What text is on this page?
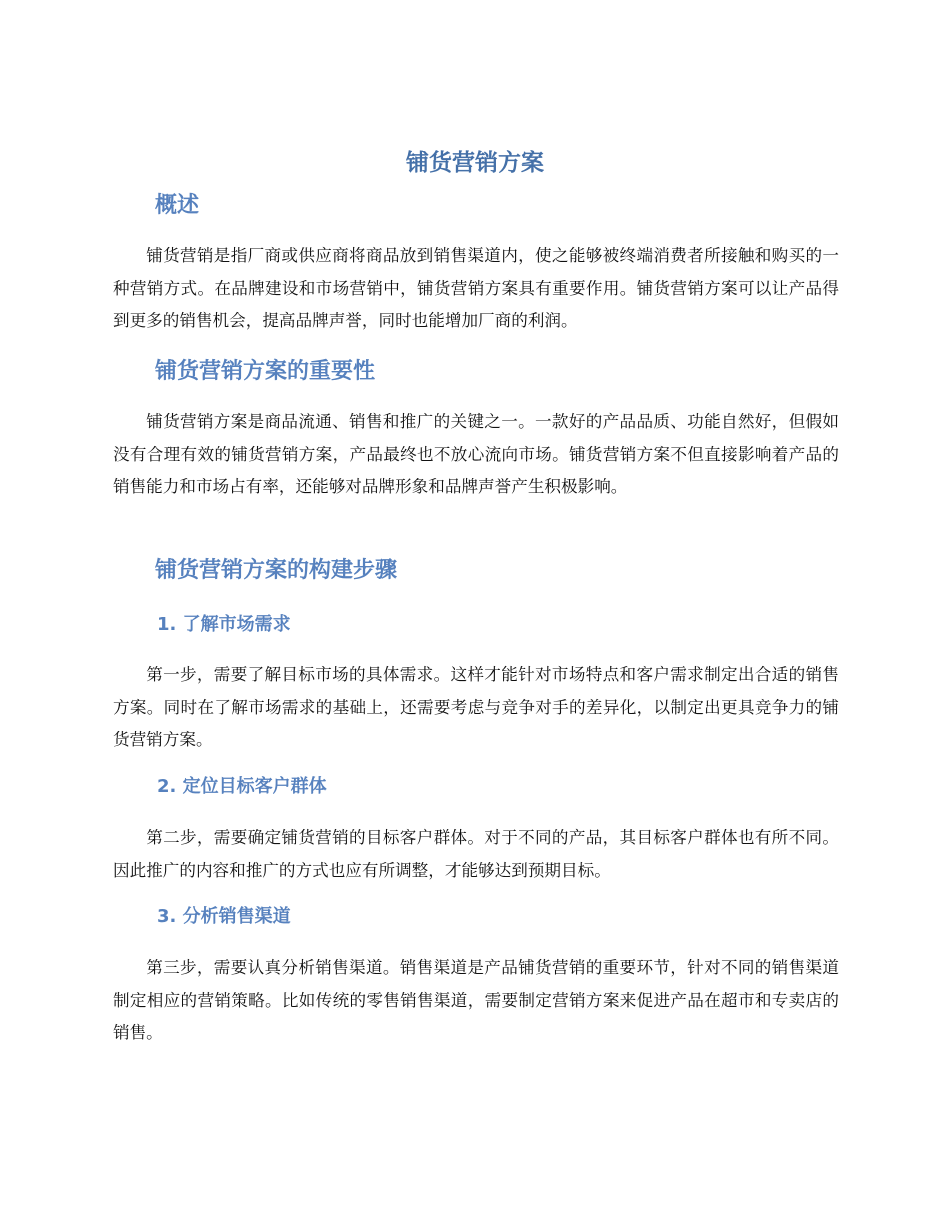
铺货营销方案
概述

铺货营销是指厂商或供应商将商品放到销售渠道内，使之能够被终端消费者所接触和购买的一种营销方式。在品牌建设和市场营销中，铺货营销方案具有重要作用。铺货营销方案可以让产品得到更多的销售机会，提高品牌声誉，同时也能增加厂商的利润。

铺货营销方案的重要性

铺货营销方案是商品流通、销售和推广的关键之一。一款好的产品品质、功能自然好，但假如没有合理有效的铺货营销方案，产品最终也不放心流向市场。铺货营销方案不但直接影响着产品的销售能力和市场占有率，还能够对品牌形象和品牌声誉产生积极影响。

铺货营销方案的构建步骤
1. 了解市场需求

第一步，需要了解目标市场的具体需求。这样才能针对市场特点和客户需求制定出合适的销售方案。同时在了解市场需求的基础上，还需要考虑与竞争对手的差异化，以制定出更具竞争力的铺货营销方案。

2. 定位目标客户群体

第二步，需要确定铺货营销的目标客户群体。对于不同的产品，其目标客户群体也有所不同。因此推广的内容和推广的方式也应有所调整，才能够达到预期目标。

3. 分析销售渠道

第三步，需要认真分析销售渠道。销售渠道是产品铺货营销的重要环节，针对不同的销售渠道制定相应的营销策略。比如传统的零售销售渠道，需要制定营销方案来促进产品在超市和专卖店的销售。
